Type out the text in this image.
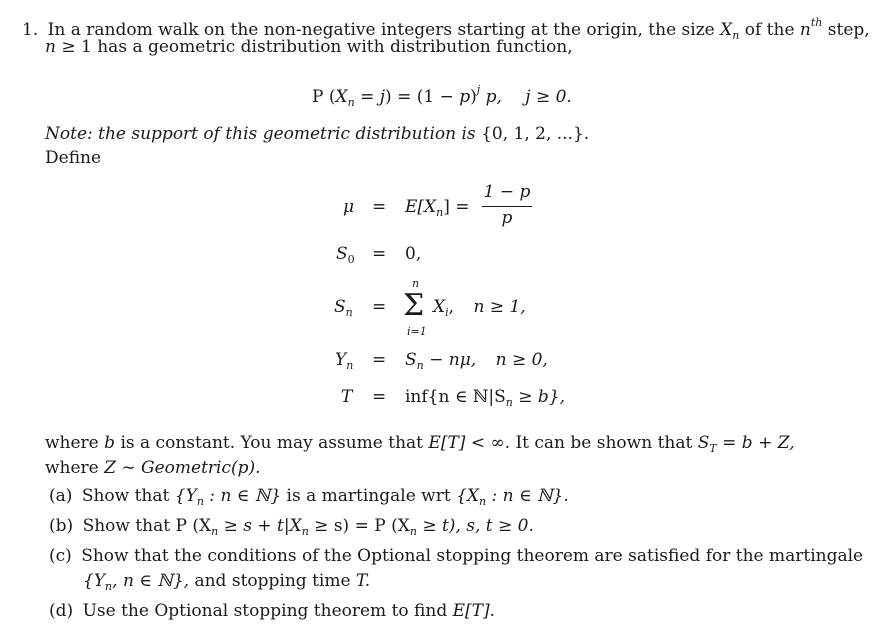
1. In a random walk on the non-negative integers starting at the origin, the size $X_n$ of the $n^{th}$ step,
n ≥ 1 has a geometric distribution with distribution function,
P $(X_n = j) = (1 - p)^j$ p, j ≥ 0.
Note: the support of this geometric distribution is {0, 1, 2, ...}.
Define
$\mu = E[X_n]$ =
1 − p
p
$S_0 = 0$,
$S_n$ =
n
Σ
i=1
$X_i$, n ≥ 1,
$Y_n = S_n - n\mu$, n ≥ 0,
T = inf{n ∈ $ℕ|S_n \ge b$},
where b is a constant. You may assume that E[T] < ∞. It can be shown that $S_T = b + Z$,
where Z ∼ Geometric(p).
(a) Show that {$Y_n$ : n ∈ ℕ} is a martingale wrt {$X_n$ : n ∈ ℕ}.
(b) Show that P $(X_n \ge s + t|X_n \ge s) = P$ $(X_n \ge t)$, s, t ≥ 0.
(c) Show that the conditions of the Optional stopping theorem are satisfied for the martingale
{$Y_n$, n ∈ ℕ}, and stopping time T.
(d) Use the Optional stopping theorem to find E[T].
